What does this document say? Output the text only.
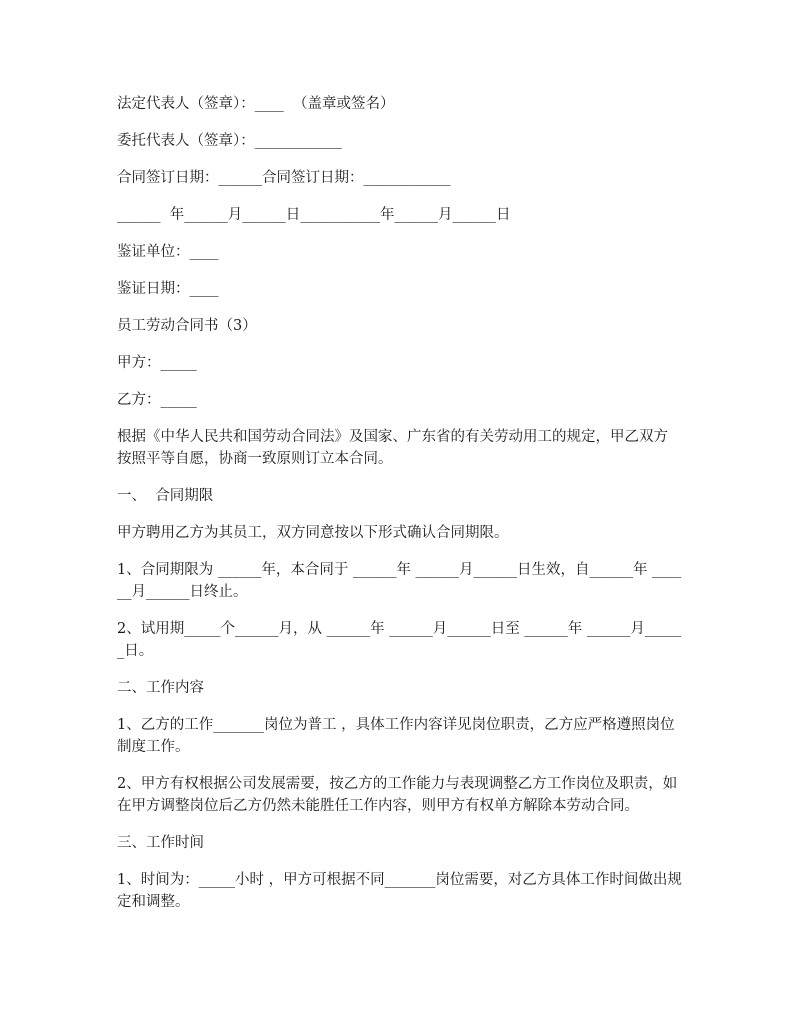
法定代表人（签章）：____  （盖章或签名）

委托代表人（签章）：____________

合同签订日期：______合同签订日期：____________

______  年______月______日___________年______月______日

鉴证单位：____

鉴证日期：____

员工劳动合同书（3）

甲方：_____

乙方：_____

根据《中华人民共和国劳动合同法》及国家、广东省的有关劳动用工的规定，甲乙双方按照平等自愿，协商一致原则订立本合同。

一、  合同期限

甲方聘用乙方为其员工，双方同意按以下形式确认合同期限。

1、合同期限为 ______年，本合同于 ______年 ______月______日生效，自______年 ______月______日终止。

2、试用期_____个______月，从 ______年 ______月______日至 ______年 ______月______日。

二、工作内容

1、乙方的工作_______岗位为普工 ，具体工作内容详见岗位职责，乙方应严格遵照岗位制度工作。

2、甲方有权根据公司发展需要，按乙方的工作能力与表现调整乙方工作岗位及职责，如在甲方调整岗位后乙方仍然未能胜任工作内容，则甲方有权单方解除本劳动合同。

三、工作时间

1、时间为：_____小时 ，甲方可根据不同_______岗位需要，对乙方具体工作时间做出规定和调整。
